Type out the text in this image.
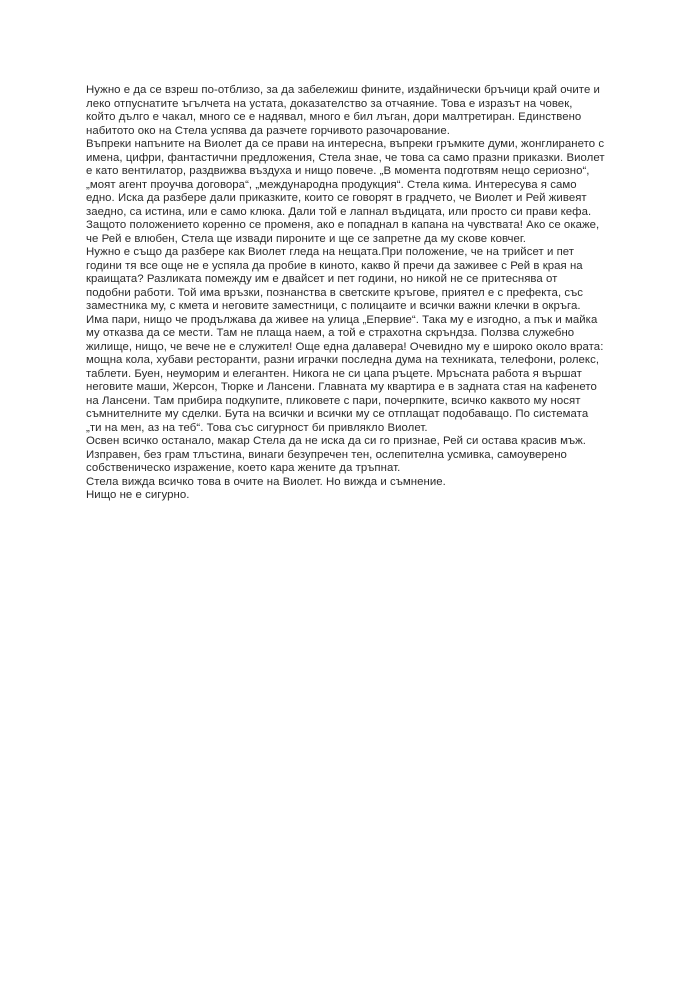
Нужно е да се взреш по-отблизо, за да забележиш фините, издайнически бръчици край очите и
леко отпуснатите ъгълчета на устата, доказателство за отчаяние. Това е изразът на човек,
който дълго е чакал, много се е надявал, много е бил лъган, дори малтретиран. Единствено
набитото око на Стела успява да разчете горчивото разочарование.
Въпреки напъните на Виолет да се прави на интересна, въпреки гръмките думи, жонглирането с
имена, цифри, фантастични предложения, Стела знае, че това са само празни приказки. Виолет
е като вентилатор, раздвижва въздуха и нищо повече. „В момента подготвям нещо сериозно“,
„моят агент проучва договора“, „международна продукция“. Стела кима. Интересува я само
едно. Иска да разбере дали приказките, които се говорят в градчето, че Виолет и Рей живеят
заедно, са истина, или е само клюка. Дали той е лапнал въдицата, или просто си прави кефа.
Защото положението коренно се променя, ако е попаднал в капана на чувствата! Ако се окаже,
че Рей е влюбен, Стела ще извади пироните и ще се запретне да му скове ковчег.
Нужно е също да разбере как Виолет гледа на нещата.При положение, че на трийсет и пет
години тя все още не е успяла да пробие в киното, какво й пречи да заживее с Рей в края на
краищата? Разликата помежду им е двайсет и пет години, но никой не се притеснява от
подобни работи. Той има връзки, познанства в светските кръгове, приятел е с префекта, със
заместника му, с кмета и неговите заместници, с полицаите и всички важни клечки в окръга.
Има пари, нищо че продължава да живее на улица „Епервие“. Така му е изгодно, а пък и майка
му отказва да се мести. Там не плаща наем, а той е страхотна скръндза. Ползва служебно
жилище, нищо, че вече не е служител! Още една далавера! Очевидно му е широко около врата:
мощна кола, хубави ресторанти, разни играчки последна дума на техниката, телефони, ролекс,
таблети. Буен, неуморим и елегантен. Никога не си цапа ръцете. Мръсната работа я вършат
неговите маши, Жерсон, Тюрке и Лансени. Главната му квартира е в задната стая на кафенето
на Лансени. Там прибира подкупите, пликовете с пари, почерпките, всичко каквото му носят
съмнителните му сделки. Бута на всички и всички му се отплащат подобаващо. По системата
„ти на мен, аз на теб“. Това със сигурност би привлякло Виолет.
Освен всичко останало, макар Стела да не иска да си го признае, Рей си остава красив мъж.
Изправен, без грам тлъстина, винаги безупречен тен, ослепителна усмивка, самоуверено
собственическо изражение, което кара жените да тръпнат.
Стела вижда всичко това в очите на Виолет. Но вижда и съмнение.
Нищо не е сигурно.
